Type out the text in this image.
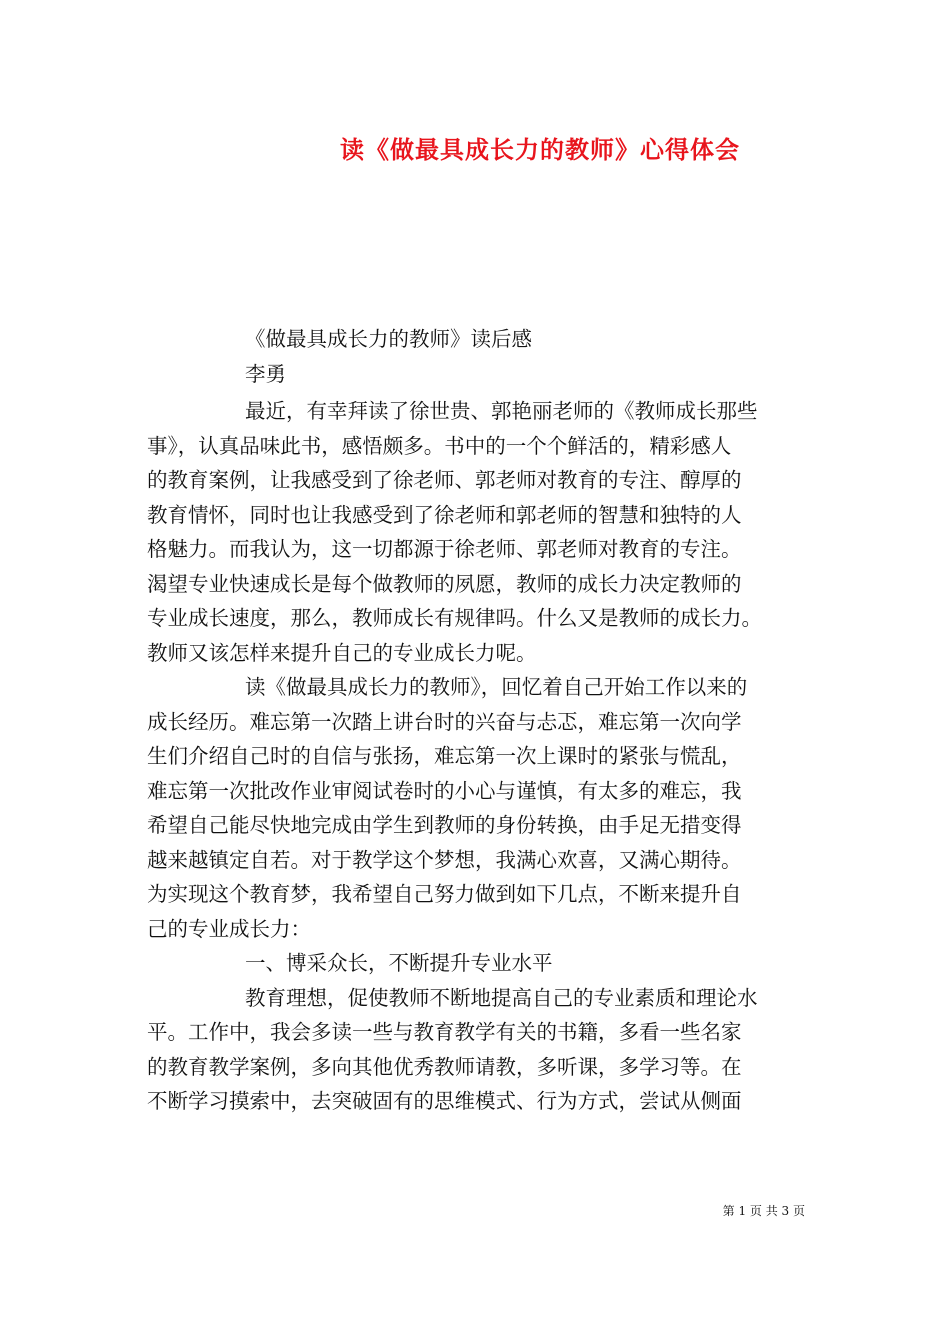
读《做最具成长力的教师》心得体会
《做最具成长力的教师》读后感
李勇
最近，有幸拜读了徐世贵、郭艳丽老师的《教师成长那些
事》，认真品味此书，感悟颇多。书中的一个个鲜活的，精彩感人
的教育案例，让我感受到了徐老师、郭老师对教育的专注、醇厚的
教育情怀，同时也让我感受到了徐老师和郭老师的智慧和独特的人
格魅力。而我认为，这一切都源于徐老师、郭老师对教育的专注。
渴望专业快速成长是每个做教师的夙愿，教师的成长力决定教师的
专业成长速度，那么，教师成长有规律吗。什么又是教师的成长力。
教师又该怎样来提升自己的专业成长力呢。
读《做最具成长力的教师》，回忆着自己开始工作以来的
成长经历。难忘第一次踏上讲台时的兴奋与忐忑，难忘第一次向学
生们介绍自己时的自信与张扬，难忘第一次上课时的紧张与慌乱，
难忘第一次批改作业审阅试卷时的小心与谨慎，有太多的难忘，我
希望自己能尽快地完成由学生到教师的身份转换，由手足无措变得
越来越镇定自若。对于教学这个梦想，我满心欢喜，又满心期待。
为实现这个教育梦，我希望自己努力做到如下几点，不断来提升自
己的专业成长力：
一、博采众长，不断提升专业水平
教育理想，促使教师不断地提高自己的专业素质和理论水
平。工作中，我会多读一些与教育教学有关的书籍，多看一些名家
的教育教学案例，多向其他优秀教师请教，多听课，多学习等。在
不断学习摸索中，去突破固有的思维模式、行为方式，尝试从侧面
第 1 页 共 3 页
